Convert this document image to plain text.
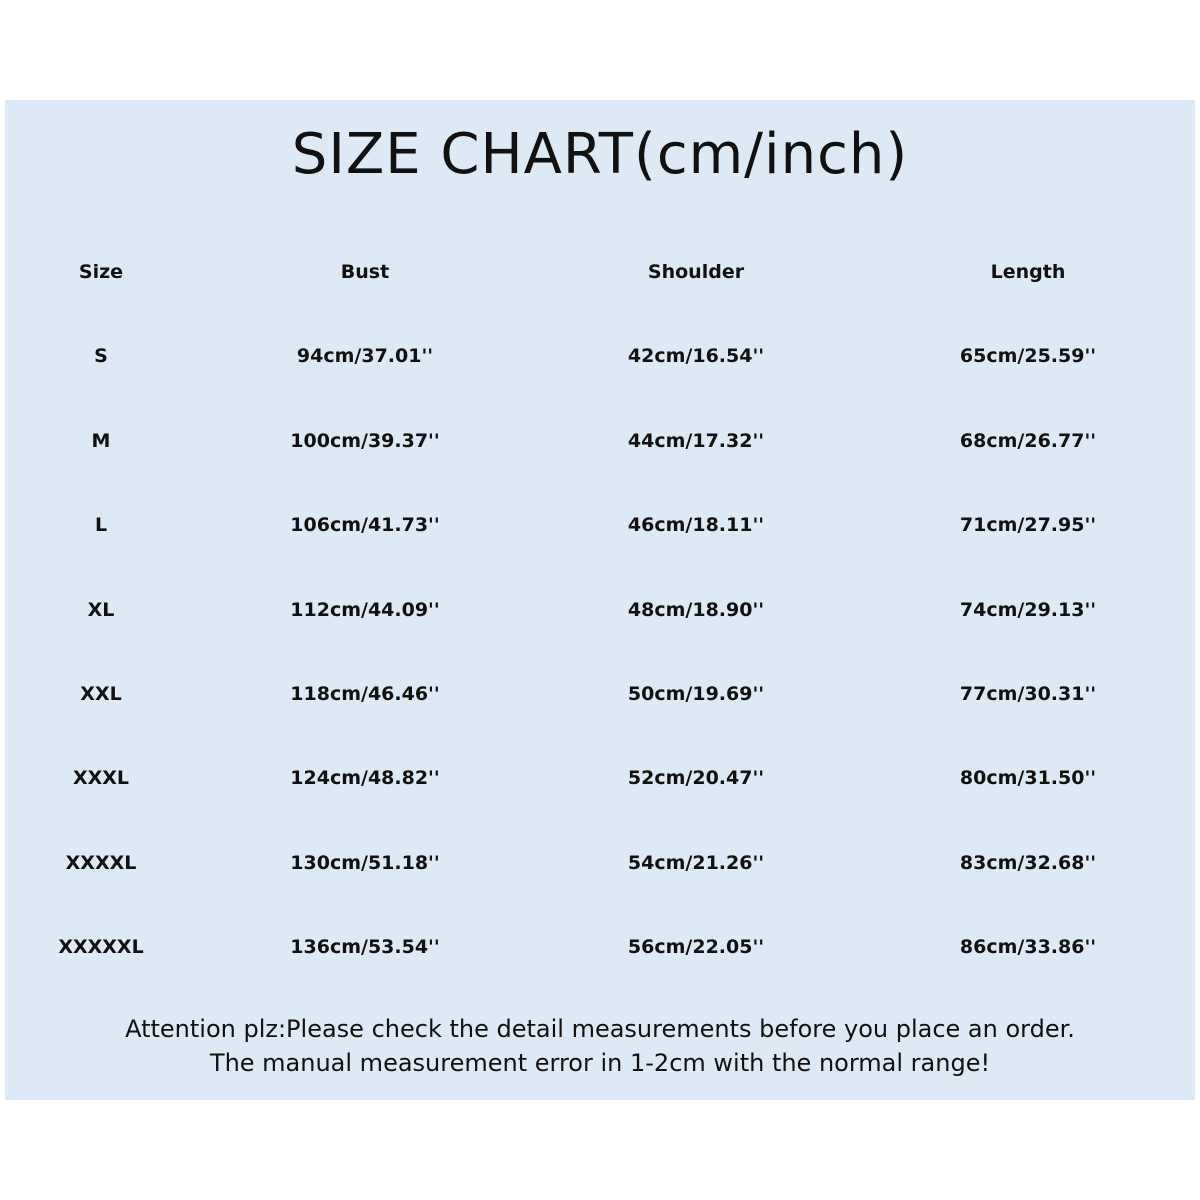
SIZE CHART(cm/inch)
Size	Bust	Shoulder	Length
S	94cm/37.01''	42cm/16.54''	65cm/25.59''
M	100cm/39.37''	44cm/17.32''	68cm/26.77''
L	106cm/41.73''	46cm/18.11''	71cm/27.95''
XL	112cm/44.09''	48cm/18.90''	74cm/29.13''
XXL	118cm/46.46''	50cm/19.69''	77cm/30.31''
XXXL	124cm/48.82''	52cm/20.47''	80cm/31.50''
XXXXL	130cm/51.18''	54cm/21.26''	83cm/32.68''
XXXXXL	136cm/53.54''	56cm/22.05''	86cm/33.86''
Attention plz:Please check the detail measurements before you place an order.
The manual measurement error in 1-2cm with the normal range!
